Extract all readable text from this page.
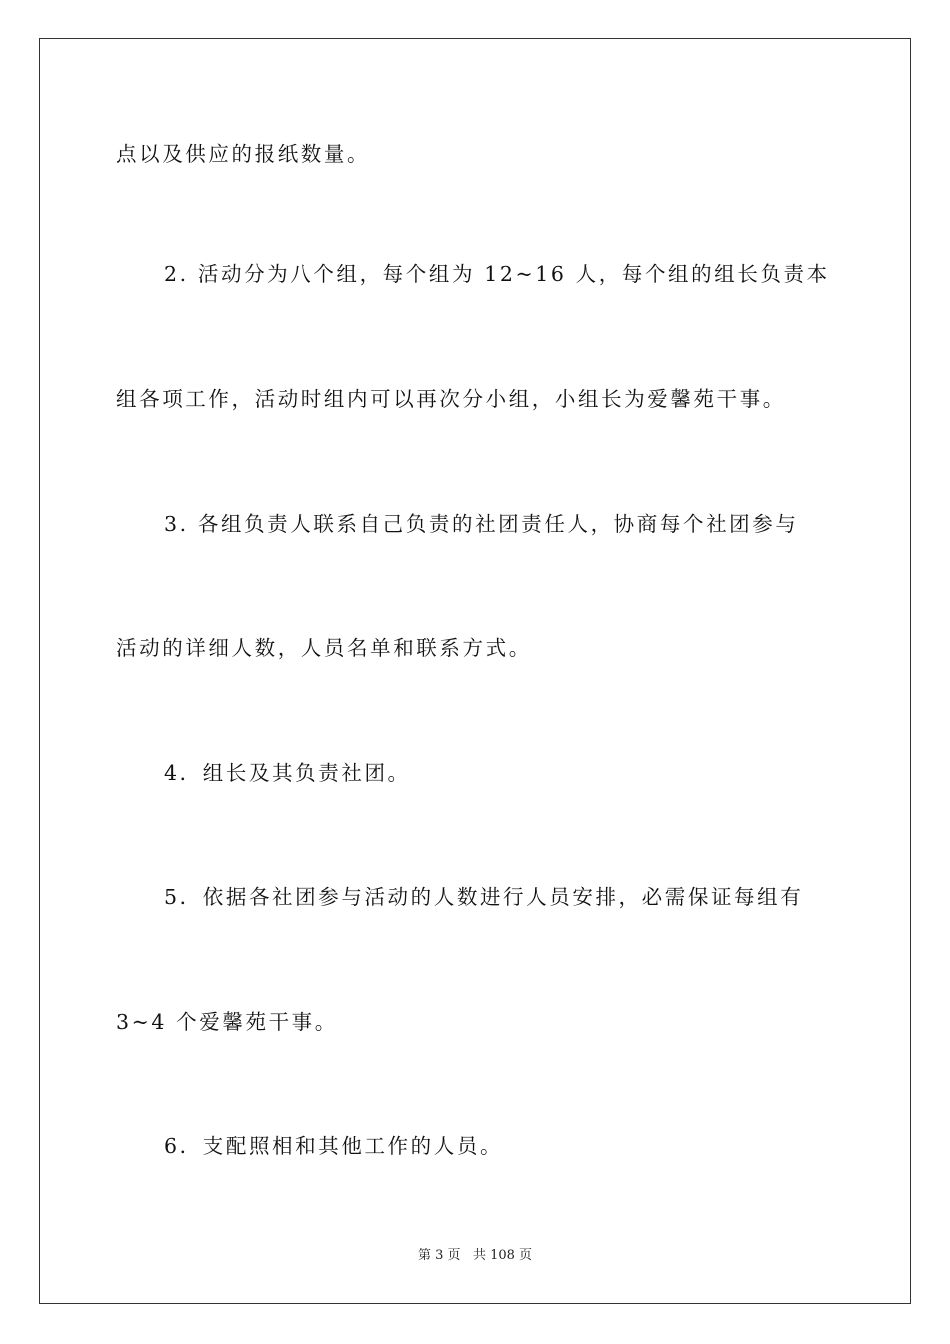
点以及供应的报纸数量。
2. 活动分为八个组，每个组为 12~16 人，每个组的组长负责本
组各项工作，活动时组内可以再次分小组，小组长为爱馨苑干事。
3. 各组负责人联系自己负责的社团责任人，协商每个社团参与
活动的详细人数，人员名单和联系方式。
4．组长及其负责社团。
5．依据各社团参与活动的人数进行人员安排，必需保证每组有
3~4 个爱馨苑干事。
6．支配照相和其他工作的人员。
第 3 页 共 108 页
